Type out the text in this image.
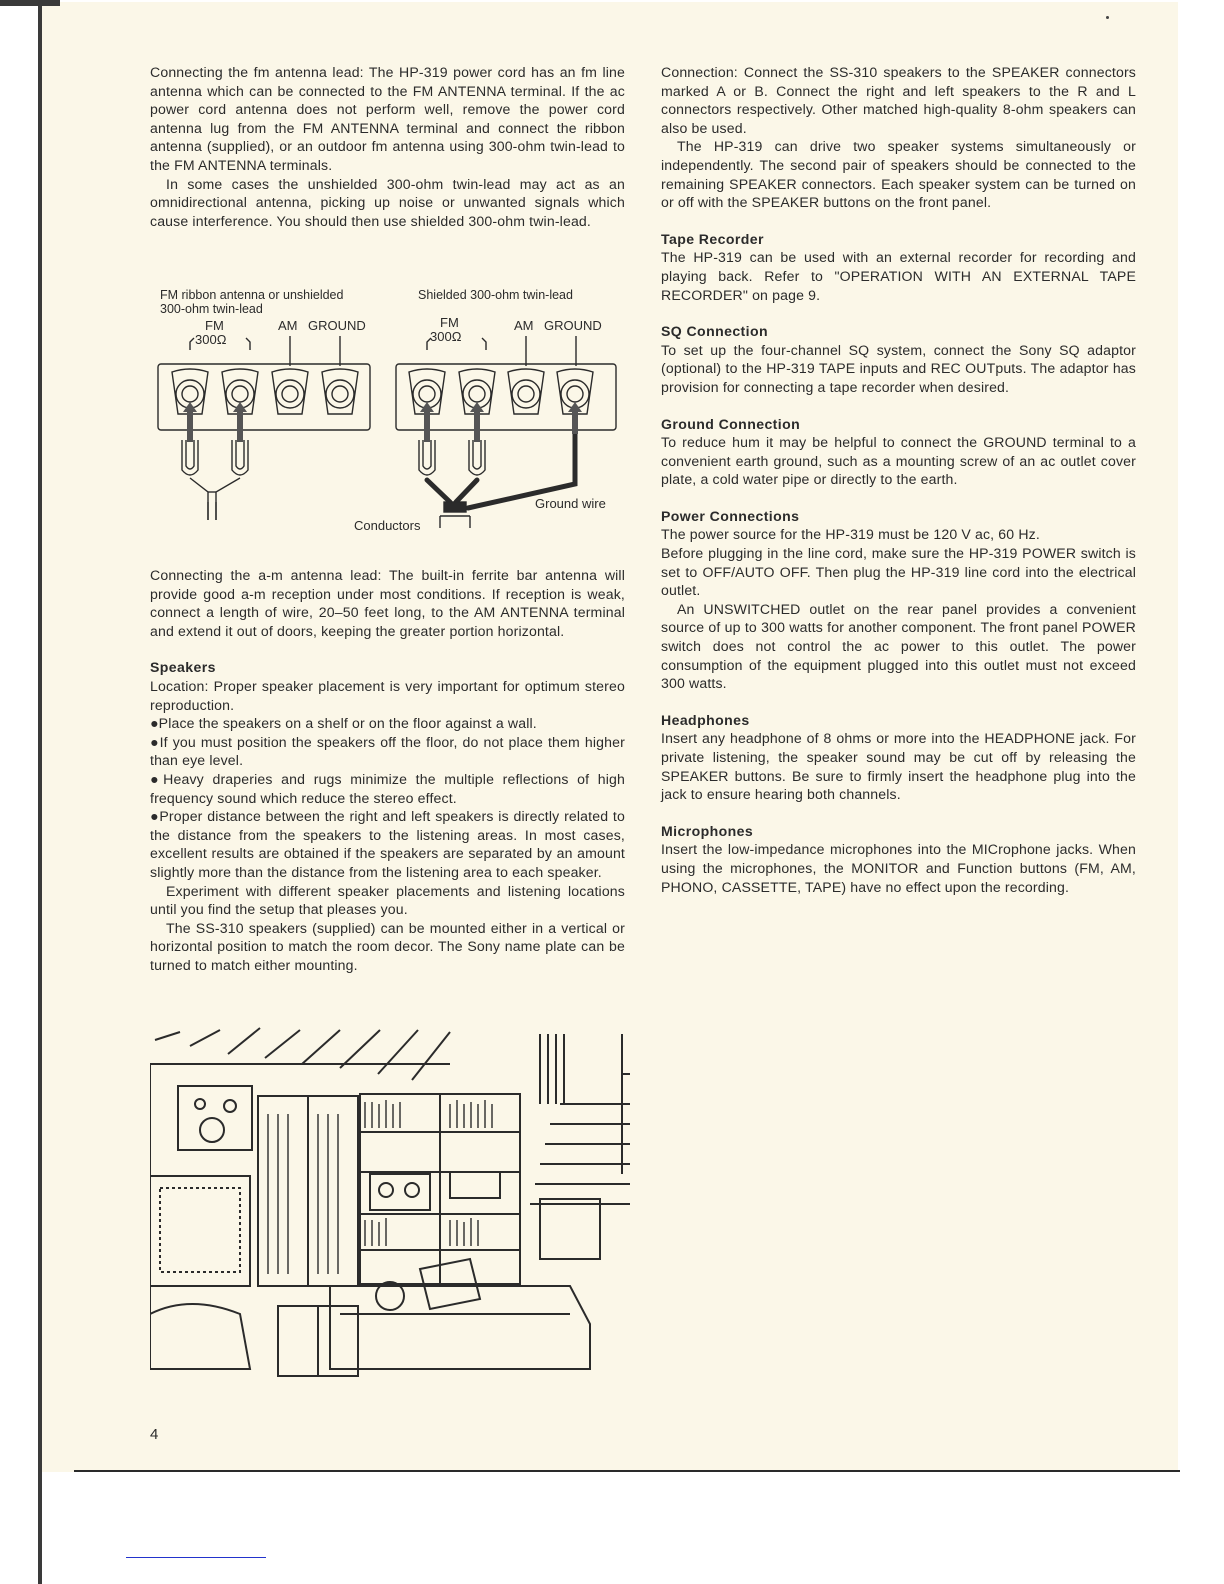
Connecting the fm antenna lead: The HP-319 power cord has an fm line antenna which can be connected to the FM ANTENNA terminal. If the ac power cord antenna does not perform well, remove the power cord antenna lug from the FM ANTENNA terminal and connect the ribbon antenna (supplied), or an outdoor fm antenna using 300-ohm twin-lead to the FM ANTENNA terminals.

In some cases the unshielded 300-ohm twin-lead may act as an omnidirectional antenna, picking up noise or unwanted signals which cause interference. You should then use shielded 300-ohm twin-lead.

FM ribbon antenna or unshielded
300-ohm twin-lead
Shielded 300-ohm twin-lead
FM
300Ω
AM GROUND	FM
300Ω
AM GROUND
Ground wire
Conductors

Connecting the a-m antenna lead: The built-in ferrite bar antenna will provide good a-m reception under most conditions. If reception is weak, connect a length of wire, 20–50 feet long, to the AM ANTENNA terminal and extend it out of doors, keeping the greater portion horizontal.

Speakers

Location: Proper speaker placement is very important for optimum stereo reproduction.

●Place the speakers on a shelf or on the floor against a wall.

●If you must position the speakers off the floor, do not place them higher than eye level.

●Heavy draperies and rugs minimize the multiple reflections of high frequency sound which reduce the stereo effect.

●Proper distance between the right and left speakers is directly related to the distance from the speakers to the listening areas. In most cases, excellent results are obtained if the speakers are separated by an amount slightly more than the distance from the listening area to each speaker.

Experiment with different speaker placements and listening locations until you find the setup that pleases you.

The SS-310 speakers (supplied) can be mounted either in a vertical or horizontal position to match the room decor. The Sony name plate can be turned to match either mounting.

Connection: Connect the SS-310 speakers to the SPEAKER connectors marked A or B. Connect the right and left speakers to the R and L connectors respectively. Other matched high-quality 8-ohm speakers can also be used.

The HP-319 can drive two speaker systems simultaneously or independently. The second pair of speakers should be connected to the remaining SPEAKER connectors. Each speaker system can be turned on or off with the SPEAKER buttons on the front panel.

Tape Recorder

The HP-319 can be used with an external recorder for recording and playing back. Refer to "OPERATION WITH AN EXTERNAL TAPE RECORDER" on page 9.

SQ Connection

To set up the four-channel SQ system, connect the Sony SQ adaptor (optional) to the HP-319 TAPE inputs and REC OUTputs. The adaptor has provision for connecting a tape recorder when desired.

Ground Connection

To reduce hum it may be helpful to connect the GROUND terminal to a convenient earth ground, such as a mounting screw of an ac outlet cover plate, a cold water pipe or directly to the earth.

Power Connections

The power source for the HP-319 must be 120 V ac, 60 Hz.

Before plugging in the line cord, make sure the HP-319 POWER switch is set to OFF/AUTO OFF. Then plug the HP-319 line cord into the electrical outlet.

An UNSWITCHED outlet on the rear panel provides a convenient source of up to 300 watts for another component. The front panel POWER switch does not control the ac power to this outlet. The power consumption of the equipment plugged into this outlet must not exceed 300 watts.

Headphones

Insert any headphone of 8 ohms or more into the HEADPHONE jack. For private listening, the speaker sound may be cut off by releasing the SPEAKER buttons. Be sure to firmly insert the headphone plug into the jack to ensure hearing both channels.

Microphones

Insert the low-impedance microphones into the MICrophone jacks. When using the microphones, the MONITOR and Function buttons (FM, AM, PHONO, CASSETTE, TAPE) have no effect upon the recording.

4
